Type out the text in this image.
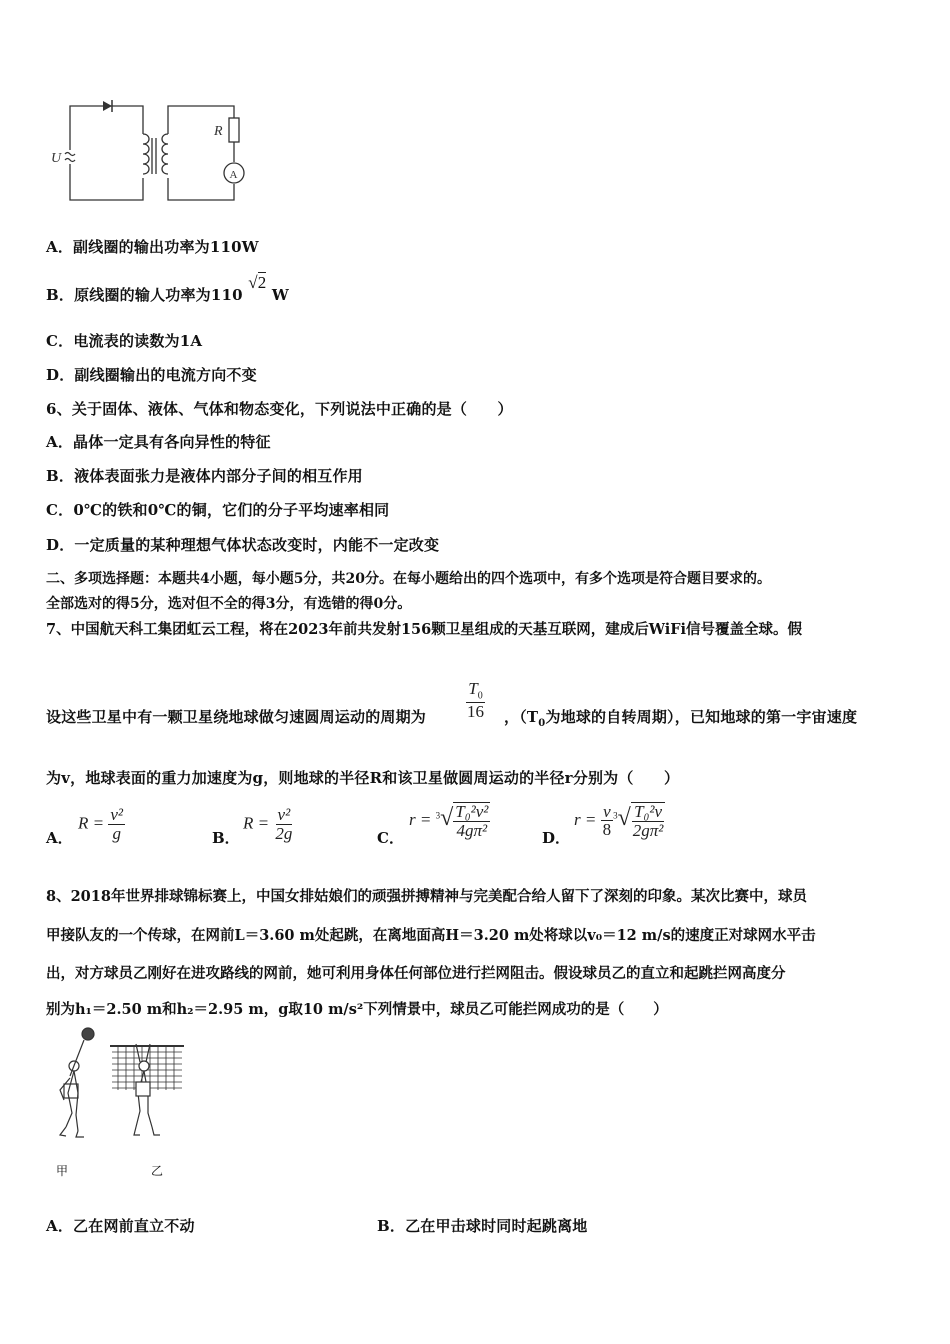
U
R
A
A．副线圈的输出功率为110W
B．原线圈的输人功率为110 √2 W
C．电流表的读数为1A
D．副线圈输出的电流方向不变
6、关于固体、液体、气体和物态变化，下列说法中正确的是（　　）
A．晶体一定具有各向异性的特征
B．液体表面张力是液体内部分子间的相互作用
C．0℃的铁和0℃的铜，它们的分子平均速率相同
D．一定质量的某种理想气体状态改变时，内能不一定改变
二、多项选择题：本题共4小题，每小题5分，共20分。在每小题给出的四个选项中，有多个选项是符合题目要求的。
全部选对的得5分，选对但不全的得3分，有选错的得0分。
7、中国航天科工集团虹云工程，将在2023年前共发射156颗卫星组成的天基互联网，建成后WiFi信号覆盖全球。假
设这些卫星中有一颗卫星绕地球做匀速圆周运动的周期为 $\frac{T_0}{16}$ ，（$T_0$为地球的自转周期），已知地球的第一宇宙速度
为v，地球表面的重力加速度为g，则地球的半径R和该卫星做圆周运动的半径r分别为（　　）
A．
$R = \frac{\text{v²}}{g}$	B．
$R = \frac{\text{v²}}{2g}$	C．
$r = ^3√ \frac{\text{T₀²v²}}{\text{4gπ²}}$	D．
$r = \frac{v}{8} ^3√ \frac{\text{T₀²v}}{\text{2gπ²}}$
8、2018年世界排球锦标赛上，中国女排姑娘们的顽强拼搏精神与完美配合给人留下了深刻的印象。某次比赛中，球员
甲接队友的一个传球，在网前L＝3.60 m处起跳，在离地面高H＝3.20 m处将球以v₀＝12 m/s的速度正对球网水平击
出，对方球员乙刚好在进攻路线的网前，她可利用身体任何部位进行拦网阻击。假设球员乙的直立和起跳拦网高度分
别为h₁＝2.50 m和h₂＝2.95 m，g取10 m/s²下列情景中，球员乙可能拦网成功的是（　　）
甲	乙
A．乙在网前直立不动	B．乙在甲击球时同时起跳离地
